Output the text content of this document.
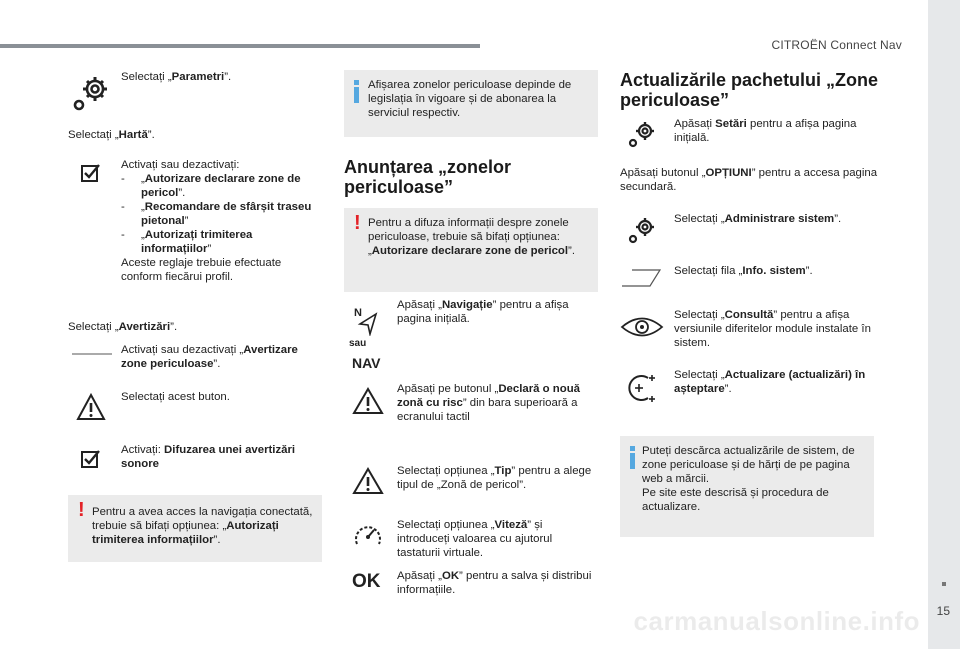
CITROËN Connect Nav
15
carmanualsonline.info
Selectați „Parametri”.
Selectați „Hartă”.
Activați sau dezactivați:
- „Autorizare declarare zone de pericol”.
- „Recomandare de sfârșit traseu pietonal”
- „Autorizați trimiterea informațiilor”
Aceste reglaje trebuie efectuate conform fiecărui profil.
Selectați „Avertizări”.
Activați sau dezactivați „Avertizare zone periculoase”.
Selectați acest buton.
Activați: Difuzarea unei avertizări sonore
! Pentru a avea acces la navigația conectată, trebuie să bifați opțiunea: „Autorizați trimiterea informațiilor”.
Afișarea zonelor periculoase depinde de legislația în vigoare și de abonarea la serviciul respectiv.
Anunțarea „zonelor periculoase”
! Pentru a difuza informații despre zonele periculoase, trebuie să bifați opțiunea: „Autorizare declarare zone de pericol”.
N
sau
NAV
Apăsați „Navigație” pentru a afișa pagina inițială.
Apăsați pe butonul „Declară o nouă zonă cu risc” din bara superioară a ecranului tactil
Selectați opțiunea „Tip” pentru a alege tipul de „Zonă de pericol”.
Selectați opțiunea „Viteză” și introduceți valoarea cu ajutorul tastaturii virtuale.
OK Apăsați „OK” pentru a salva și distribui informațiile.
Actualizările pachetului „Zone periculoase”
Apăsați Setări pentru a afișa pagina inițială.
Apăsați butonul „OPȚIUNI” pentru a accesa pagina secundară.
Selectați „Administrare sistem”.
Selectați fila „Info. sistem”.
Selectați „Consultă” pentru a afișa versiunile diferitelor module instalate în sistem.
Selectați „Actualizare (actualizări) în așteptare”.
Puteți descărca actualizările de sistem, de zone periculoase și de hărți de pe pagina web a mărcii.
Pe site este descrisă și procedura de actualizare.
